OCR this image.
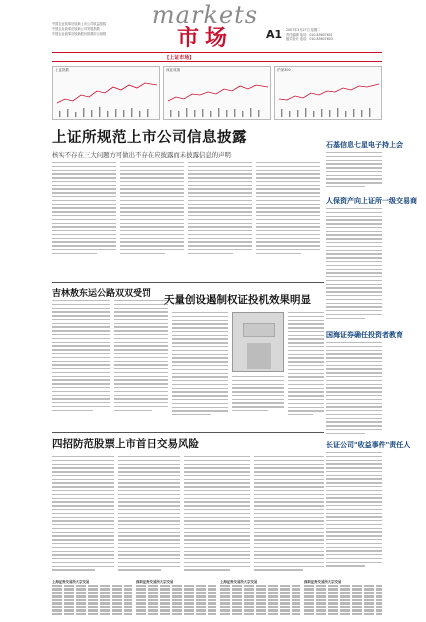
中国企业改革后较新上市公司收益指数
中国企业改革后较新公司发展指数
中国企业改革后较新股价指数综合指数
markets
市场	A1 2007年3月27日 星期二
责任编辑 电话：010-85607651
版式设计 电话：010-85607603
[上证市场]
上证指数	深证成指	沪深300
上证所规范上市公司信息披露
核实不存在三大问题方可做出不存在应披露而未披露信息的声明
石基信息七星电子持上会
人保资产向上证所一级交易商
吉林敖东运公路双双受罚 天量创设遏制权证投机效果明显
国海证券确任投资者教育
长证公司"收益事件"责任人
四招防范股票上市首日交易风险
上海证券交易所大宗交易	深圳证券交易所大宗交易	上海证券交易所大宗交易	深圳证券交易所大宗交易
